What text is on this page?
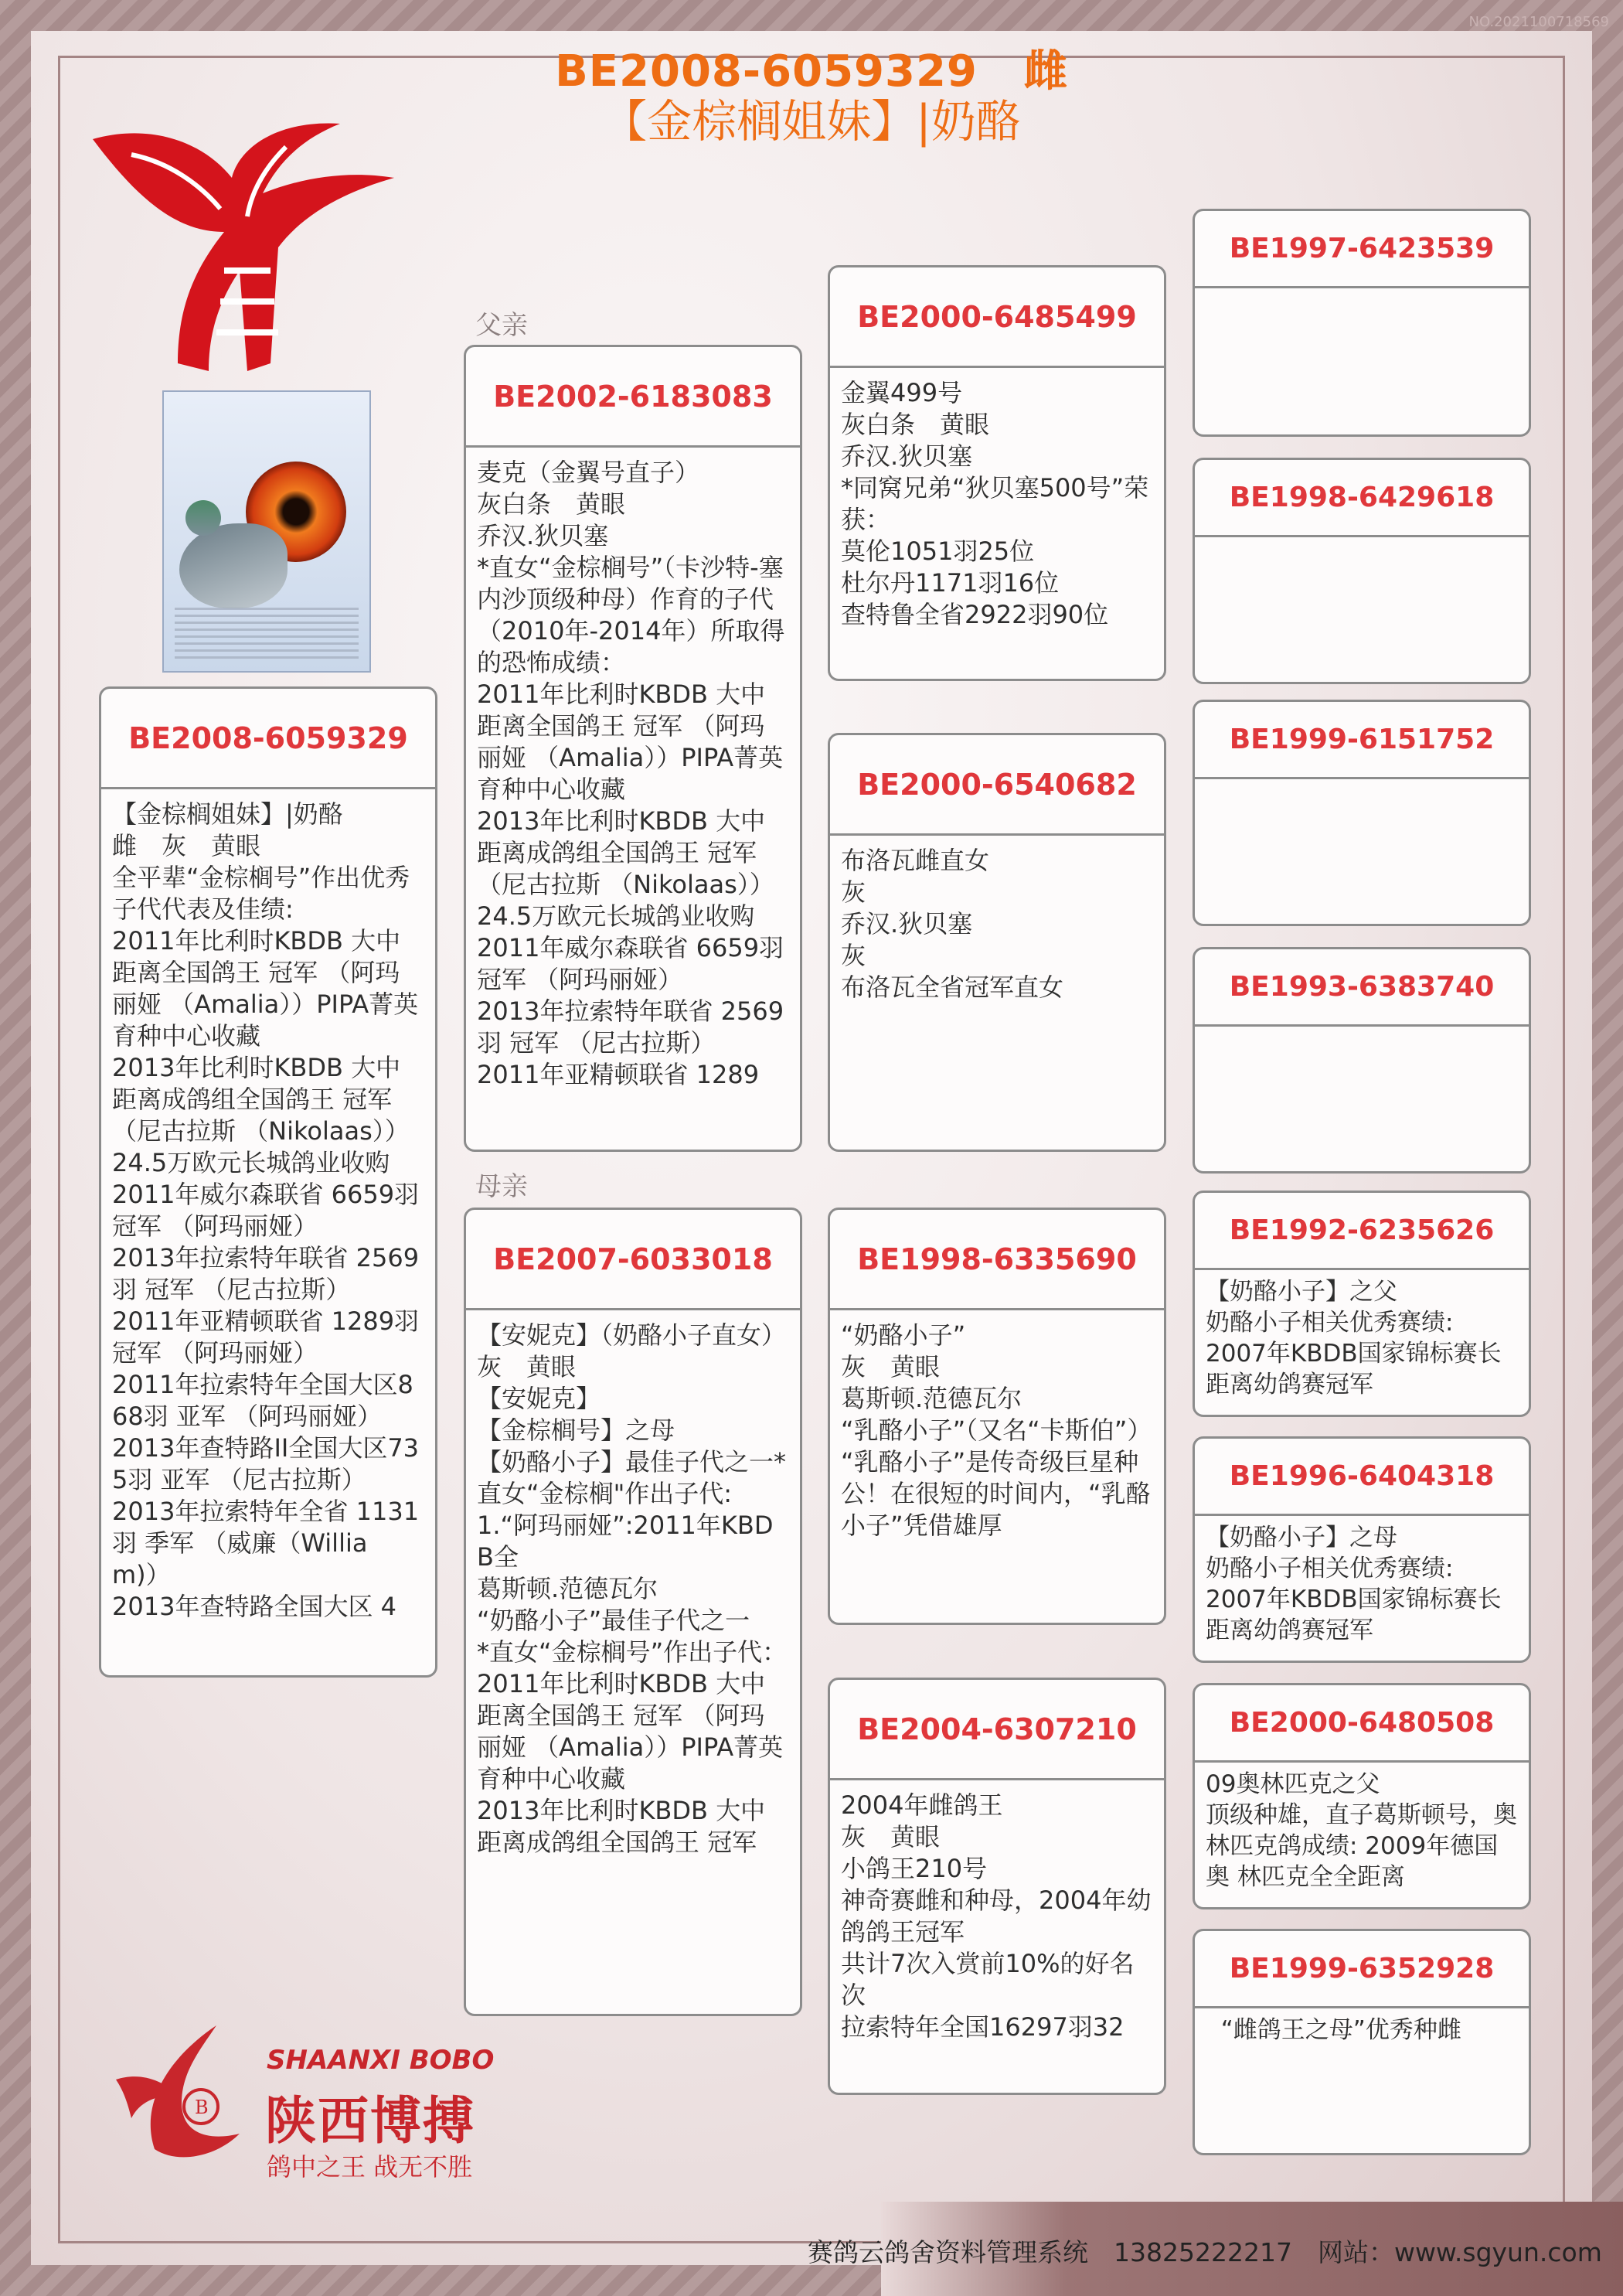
NO.2021100718569
BE2008-6059329 雌
【金棕榈姐妹】|奶酪
父亲
母亲
BE2008-6059329
【金棕榈姐妹】|奶酪
雌　灰　黄眼
全平辈“金棕榈号”作出优秀子代代表及佳绩:
2011年比利时KBDB 大中距离全国鸽王 冠军 （阿玛丽娅 （Amalia））PIPA菁英育种中心收藏
2013年比利时KBDB 大中距离成鸽组全国鸽王 冠军 （尼古拉斯 （Nikolaas））24.5万欧元长城鸽业收购
2011年威尔森联省 6659羽 冠军 （阿玛丽娅）
2013年拉索特年联省 2569羽 冠军 （尼古拉斯）
2011年亚精顿联省 1289羽 冠军 （阿玛丽娅）
2011年拉索特年全国大区868羽 亚军 （阿玛丽娅）
2013年查特路II全国大区735羽 亚军 （尼古拉斯）
2013年拉索特年全省 1131羽 季军 （威廉（William)）
2013年查特路全国大区 4
BE2002-6183083
麦克（金翼号直子）
灰白条　黄眼
乔汉.狄贝塞
*直女“金棕榈号”（卡沙特-塞内沙顶级种母）作育的子代（2010年-2014年）所取得的恐怖成绩：
2011年比利时KBDB 大中距离全国鸽王 冠军 （阿玛丽娅 （Amalia））PIPA菁英育种中心收藏
2013年比利时KBDB 大中距离成鸽组全国鸽王 冠军 （尼古拉斯 （Nikolaas））24.5万欧元长城鸽业收购
2011年威尔森联省 6659羽 冠军 （阿玛丽娅）
2013年拉索特年联省 2569羽 冠军 （尼古拉斯）
2011年亚精顿联省 1289
BE2007-6033018
【安妮克】（奶酪小子直女）
灰　黄眼
【安妮克】
【金棕榈号】之母
【奶酪小子】最佳子代之一*直女“金棕榈"作出子代:
1.“阿玛丽娅”:2011年KBDB全
葛斯顿.范德瓦尔
“奶酪小子”最佳子代之一
*直女“金棕榈号”作出子代：
2011年比利时KBDB 大中距离全国鸽王 冠军 （阿玛丽娅 （Amalia））PIPA菁英育种中心收藏
2013年比利时KBDB 大中距离成鸽组全国鸽王 冠军
BE2000-6485499
金翼499号
灰白条　黄眼
乔汉.狄贝塞
*同窝兄弟“狄贝塞500号”荣获：
莫伦1051羽25位
杜尔丹1171羽16位
查特鲁全省2922羽90位
BE2000-6540682
布洛瓦雌直女
灰
乔汉.狄贝塞
灰
布洛瓦全省冠军直女
BE1998-6335690
“奶酪小子”
灰　黄眼
葛斯顿.范德瓦尔
“乳酪小子”（又名“卡斯伯”）
“乳酪小子”是传奇级巨星种公！在很短的时间内，“乳酪小子”凭借雄厚
BE2004-6307210
2004年雌鸽王
灰　黄眼
小鸽王210号
神奇赛雌和种母，2004年幼鸽鸽王冠军
共计7次入赏前10%的好名次
拉索特年全国16297羽32
BE1997-6423539
BE1998-6429618
BE1999-6151752
BE1993-6383740
BE1992-6235626
【奶酪小子】之父
奶酪小子相关优秀赛绩:
2007年KBDB国家锦标赛长距离幼鸽赛冠军
BE1996-6404318
【奶酪小子】之母
奶酪小子相关优秀赛绩:
2007年KBDB国家锦标赛长距离幼鸽赛冠军
BE2000-6480508
09奥林匹克之父
顶级种雄，直子葛斯顿号，奥 林匹克鸽成绩: 2009年德国奥 林匹克全全距离
BE1999-6352928
“雌鸽王之母”优秀种雌
B
SHAANXI BOBO
陕西博搏
鸽中之王 战无不胜
赛鸽云鸽舍资料管理系统　13825222217　网站：www.sgyun.com
